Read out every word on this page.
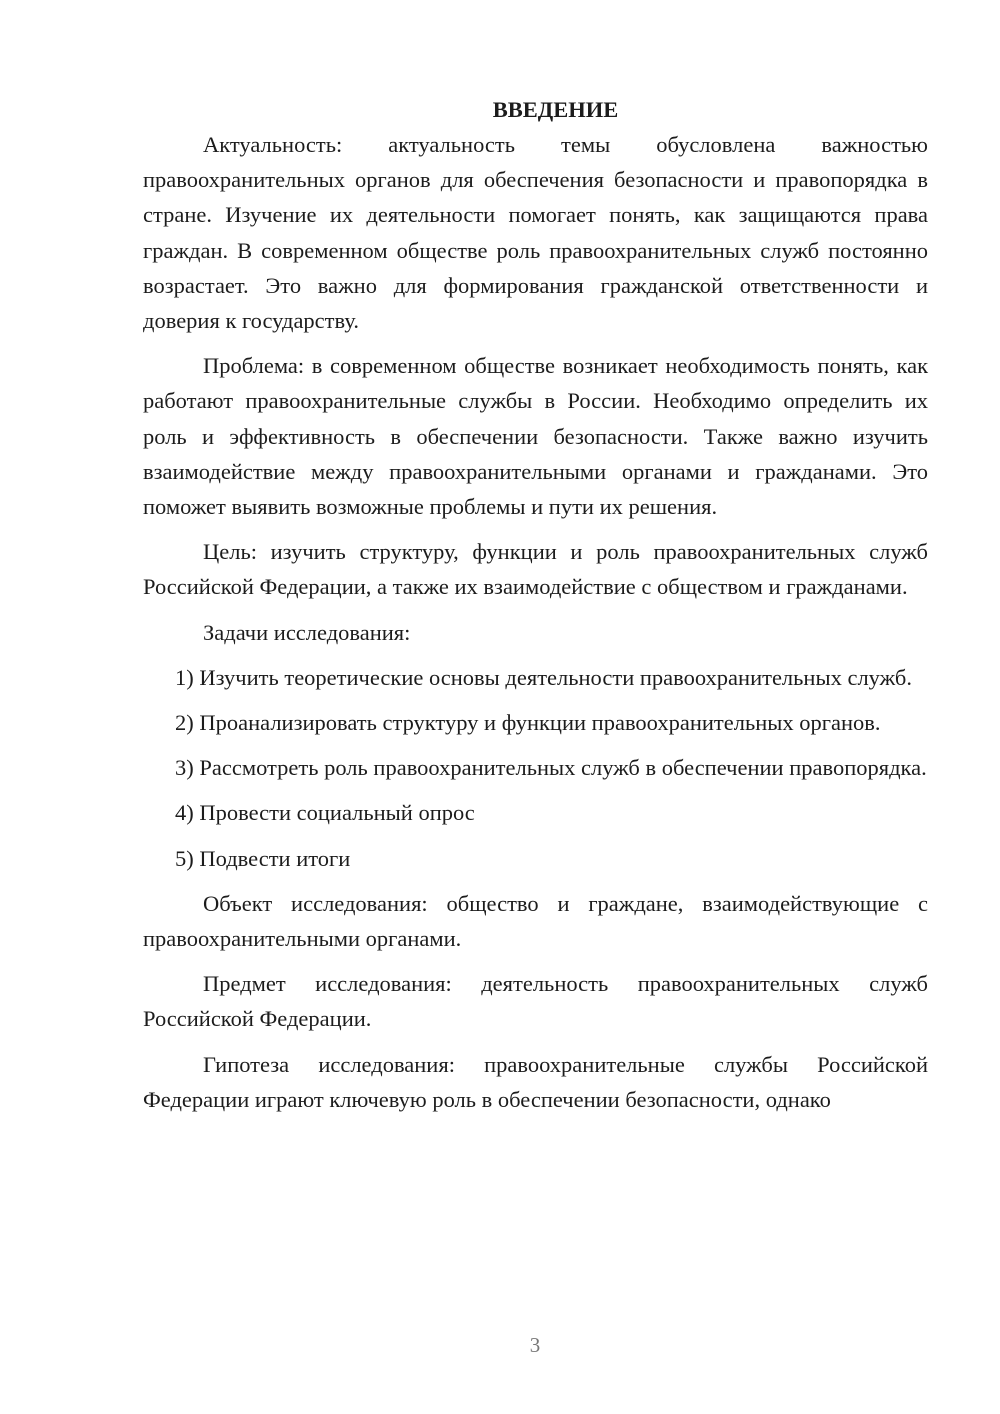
ВВЕДЕНИЕ

Актуальность: актуальность темы обусловлена важностью правоохранительных органов для обеспечения безопасности и правопорядка в стране. Изучение их деятельности помогает понять, как защищаются права граждан. В современном обществе роль правоохранительных служб постоянно возрастает. Это важно для формирования гражданской ответственности и доверия к государству.

Проблема: в современном обществе возникает необходимость понять, как работают правоохранительные службы в России. Необходимо определить их роль и эффективность в обеспечении безопасности. Также важно изучить взаимодействие между правоохранительными органами и гражданами. Это поможет выявить возможные проблемы и пути их решения.

Цель: изучить структуру, функции и роль правоохранительных служб Российской Федерации, а также их взаимодействие с обществом и гражданами.

Задачи исследования:

1) Изучить теоретические основы деятельности правоохранительных служб.

2) Проанализировать структуру и функции правоохранительных органов.

3) Рассмотреть роль правоохранительных служб в обеспечении правопорядка.

4) Провести социальный опрос

5) Подвести итоги

Объект исследования: общество и граждане, взаимодействующие с правоохранительными органами.

Предмет исследования: деятельность правоохранительных служб Российской Федерации.

Гипотеза исследования: правоохранительные службы Российской Федерации играют ключевую роль в обеспечении безопасности, однако

3
